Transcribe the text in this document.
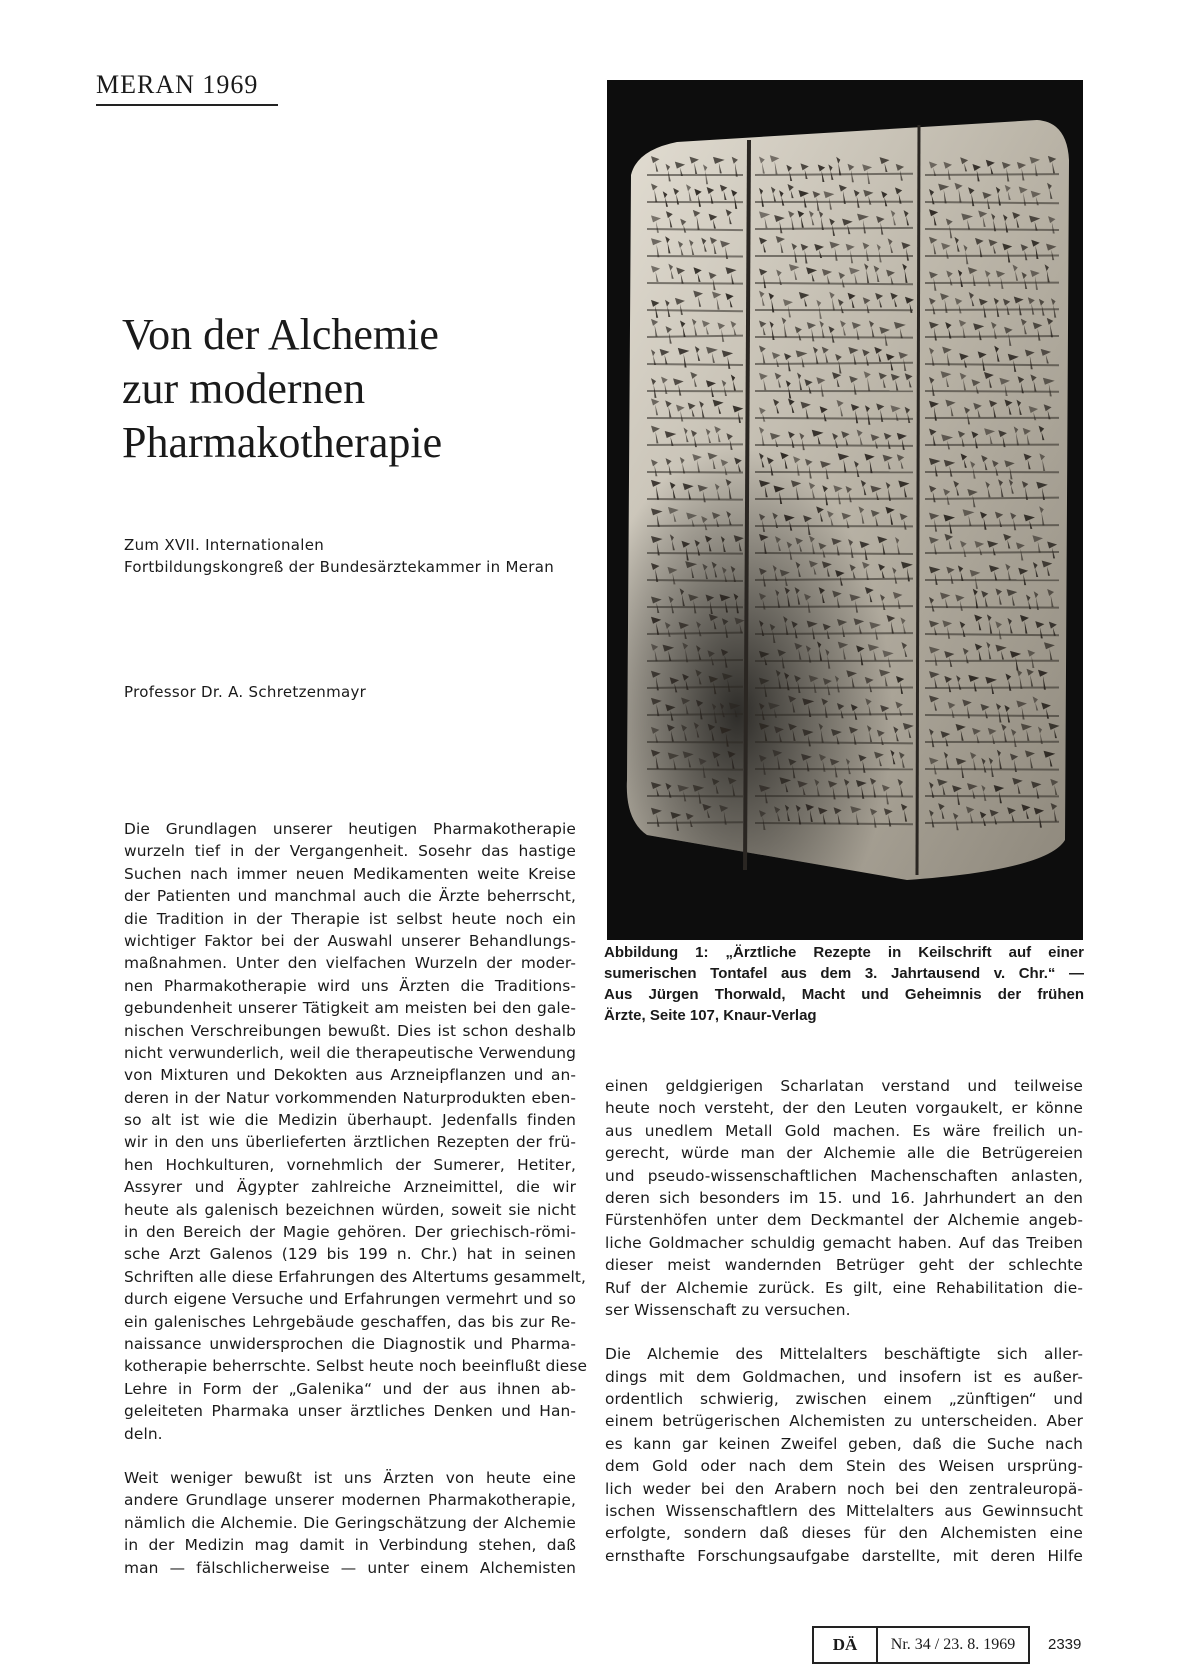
MERAN 1969
Von der Alchemie
zur modernen
Pharmakotherapie
Zum XVII. Internationalen
Fortbildungskongreß der Bundesärztekammer in Meran
Professor Dr. A. Schretzenmayr
Abbildung 1: „Ärztliche Rezepte in Keilschrift auf einer
sumerischen Tontafel aus dem 3. Jahrtausend v. Chr.“ —
Aus Jürgen Thorwald, Macht und Geheimnis der frühen
Ärzte, Seite 107, Knaur-Verlag
Die Grundlagen unserer heutigen Pharmakotherapie
wurzeln tief in der Vergangenheit. Sosehr das hastige
Suchen nach immer neuen Medikamenten weite Kreise
der Patienten und manchmal auch die Ärzte beherrscht,
die Tradition in der Therapie ist selbst heute noch ein
wichtiger Faktor bei der Auswahl unserer Behandlungs-
maßnahmen. Unter den vielfachen Wurzeln der moder-
nen Pharmakotherapie wird uns Ärzten die Traditions-
gebundenheit unserer Tätigkeit am meisten bei den gale-
nischen Verschreibungen bewußt. Dies ist schon deshalb
nicht verwunderlich, weil die therapeutische Verwendung
von Mixturen und Dekokten aus Arzneipflanzen und an-
deren in der Natur vorkommenden Naturprodukten eben-
so alt ist wie die Medizin überhaupt. Jedenfalls finden
wir in den uns überlieferten ärztlichen Rezepten der frü-
hen Hochkulturen, vornehmlich der Sumerer, Hetiter,
Assyrer und Ägypter zahlreiche Arzneimittel, die wir
heute als galenisch bezeichnen würden, soweit sie nicht
in den Bereich der Magie gehören. Der griechisch-römi-
sche Arzt Galenos (129 bis 199 n. Chr.) hat in seinen
Schriften alle diese Erfahrungen des Altertums gesammelt,
durch eigene Versuche und Erfahrungen vermehrt und so
ein galenisches Lehrgebäude geschaffen, das bis zur Re-
naissance unwidersprochen die Diagnostik und Pharma-
kotherapie beherrschte. Selbst heute noch beeinflußt diese
Lehre in Form der „Galenika“ und der aus ihnen ab-
geleiteten Pharmaka unser ärztliches Denken und Han-
deln.
Weit weniger bewußt ist uns Ärzten von heute eine
andere Grundlage unserer modernen Pharmakotherapie,
nämlich die Alchemie. Die Geringschätzung der Alchemie
in der Medizin mag damit in Verbindung stehen, daß
man — fälschlicherweise — unter einem Alchemisten
einen geldgierigen Scharlatan verstand und teilweise
heute noch versteht, der den Leuten vorgaukelt, er könne
aus unedlem Metall Gold machen. Es wäre freilich un-
gerecht, würde man der Alchemie alle die Betrügereien
und pseudo-wissenschaftlichen Machenschaften anlasten,
deren sich besonders im 15. und 16. Jahrhundert an den
Fürstenhöfen unter dem Deckmantel der Alchemie angeb-
liche Goldmacher schuldig gemacht haben. Auf das Treiben
dieser meist wandernden Betrüger geht der schlechte
Ruf der Alchemie zurück. Es gilt, eine Rehabilitation die-
ser Wissenschaft zu versuchen.
Die Alchemie des Mittelalters beschäftigte sich aller-
dings mit dem Goldmachen, und insofern ist es außer-
ordentlich schwierig, zwischen einem „zünftigen“ und
einem betrügerischen Alchemisten zu unterscheiden. Aber
es kann gar keinen Zweifel geben, daß die Suche nach
dem Gold oder nach dem Stein des Weisen ursprüng-
lich weder bei den Arabern noch bei den zentraleuropä-
ischen Wissenschaftlern des Mittelalters aus Gewinnsucht
erfolgte, sondern daß dieses für den Alchemisten eine
ernsthafte Forschungsaufgabe darstellte, mit deren Hilfe
DÄ	Nr. 34 / 23. 8. 1969	2339
